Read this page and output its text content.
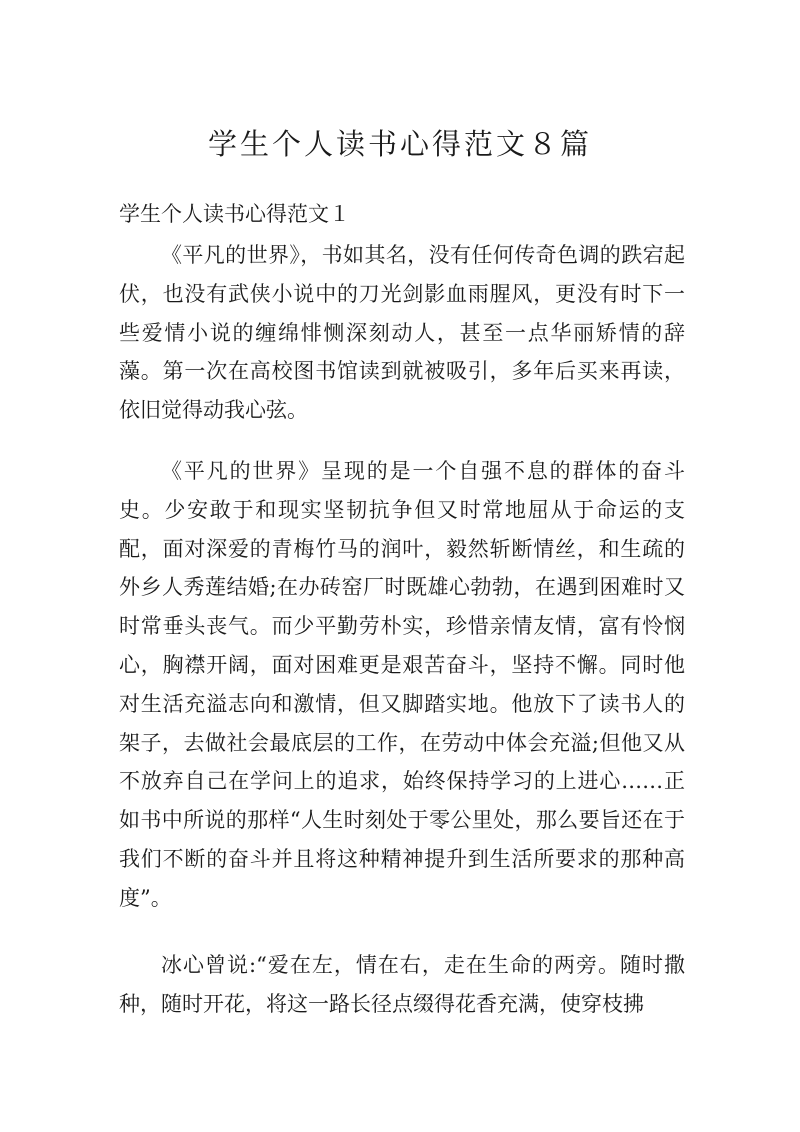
学生个人读书心得范文８篇
学生个人读书心得范文１

《平凡的世界》，书如其名，没有任何传奇色调的跌宕起伏，也没有武侠小说中的刀光剑影血雨腥风，更没有时下一些爱情小说的缠绵悱恻深刻动人，甚至一点华丽矫情的辞藻。第一次在高校图书馆读到就被吸引，多年后买来再读，依旧觉得动我心弦。

《平凡的世界》呈现的是一个自强不息的群体的奋斗史。少安敢于和现实坚韧抗争但又时常地屈从于命运的支配，面对深爱的青梅竹马的润叶，毅然斩断情丝，和生疏的外乡人秀莲结婚;在办砖窑厂时既雄心勃勃，在遇到困难时又时常垂头丧气。而少平勤劳朴实，珍惜亲情友情，富有怜悯心，胸襟开阔，面对困难更是艰苦奋斗，坚持不懈。同时他对生活充溢志向和激情，但又脚踏实地。他放下了读书人的架子，去做社会最底层的工作，在劳动中体会充溢;但他又从不放弃自己在学问上的追求，始终保持学习的上进心……正如书中所说的那样“人生时刻处于零公里处，那么要旨还在于我们不断的奋斗并且将这种精神提升到生活所要求的那种高度”。

冰心曾说:“爱在左，情在右，走在生命的两旁。随时撒种，随时开花，将这一路长径点缀得花香充满，使穿枝拂
